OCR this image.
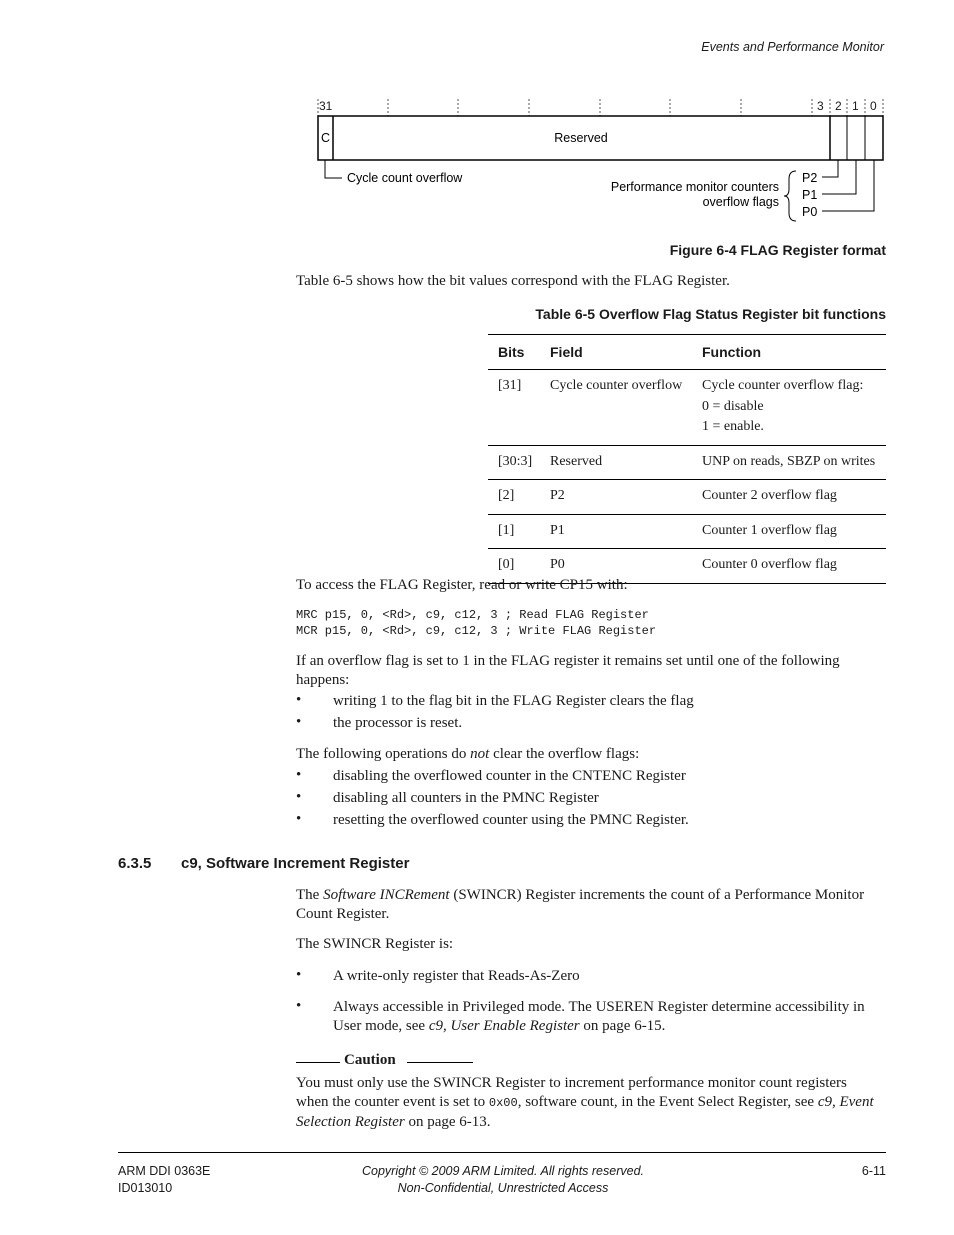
Events and Performance Monitor
31	3 2 1 0
C	Reserved
Cycle count overflow	P2
P1
P0
Performance monitor counters
overflow flags
Figure 6-4 FLAG Register format
Table 6-5 shows how the bit values correspond with the FLAG Register.
Table 6-5 Overflow Flag Status Register bit functions
Bits	Field	Function
[31]	Cycle counter overflow	Cycle counter overflow flag:
0 = disable
1 = enable.

[30:3]	Reserved	UNP on reads, SBZP on writes
[2]	P2	Counter 2 overflow flag
[1]	P1	Counter 1 overflow flag
[0]	P0	Counter 0 overflow flag
To access the FLAG Register, read or write CP15 with:
MRC p15, 0, <Rd>, c9, c12, 3 ; Read FLAG Register
MCR p15, 0, <Rd>, c9, c12, 3 ; Write FLAG Register
If an overflow flag is set to 1 in the FLAG register it remains set until one of the following
happens:
• writing 1 to the flag bit in the FLAG Register clears the flag
• the processor is reset.
The following operations do not clear the overflow flags:
• disabling the overflowed counter in the CNTENC Register
• disabling all counters in the PMNC Register
• resetting the overflowed counter using the PMNC Register.
6.3.5 c9, Software Increment Register
The Software INCRement (SWINCR) Register increments the count of a Performance Monitor
Count Register.
The SWINCR Register is:
• A write-only register that Reads-As-Zero
• Always accessible in Privileged mode. The USEREN Register determine accessibility in
User mode, see c9, User Enable Register on page 6-15.
Caution
You must only use the SWINCR Register to increment performance monitor count registers
when the counter event is set to 0x00, software count, in the Event Select Register, see c9, Event
Selection Register on page 6-13.
ARM DDI 0363E
ID013010
Copyright © 2009 ARM Limited. All rights reserved.
Non-Confidential, Unrestricted Access
6-11
